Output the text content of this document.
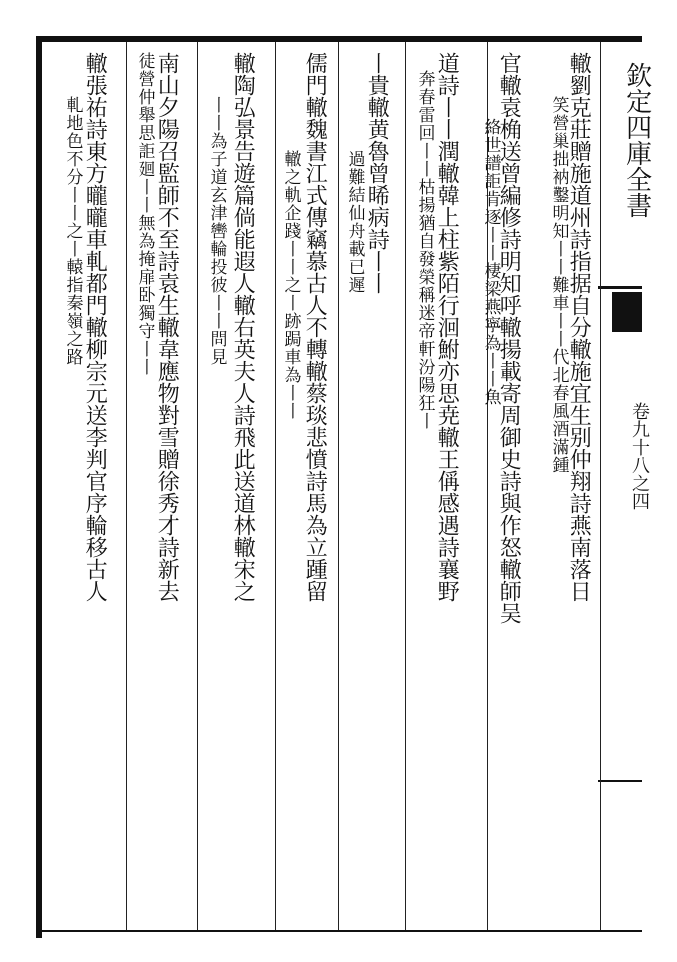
欽定四庫全書
卷九十八之四
轍劉克莊贈施道州詩指据自分轍施宜生别仲翔詩燕南落日
笑營巢拙衲鑿明知丨丨難車丨丨代北春風酒滿鍾
官轍袁桷送曾編修詩明知呼轍揚載寄周御史詩與作怒轍師吴
絡世譜詎肯逐丨丨棲梁燕寧為丨丨魚
道詩丨丨潤轍韓上柱紫陌行洄鮒亦思尭轍王偁感遇詩襄野
奔春雷回丨丨枯揚猶自發榮稱迷帝軒汾陽狂丨
丨貴轍黄魯曾晞病詩丨丨
過難結仙舟載已遲
儒門轍魏書江式傳竊慕古人不轉轍蔡琰悲憤詩馬為立踵留
轍之軌企踐丨丨之丨跡跼車為丨丨
轍陶弘景告遊篇倘能遐人轍右英夫人詩飛此送道林轍宋之
丨丨為子道玄津轡輪投彼丨丨問見
南山夕陽召監師不至詩袁生轍韋應物對雪贈徐秀才詩新去
徒營仲舉思詎廻丨丨無為掩扉卧獨守丨丨
轍張祐詩東方曨曨車軋都門轍柳宗元送李判官序輪移古人
軋地色不分丨丨之丨轅指秦嶺之路
